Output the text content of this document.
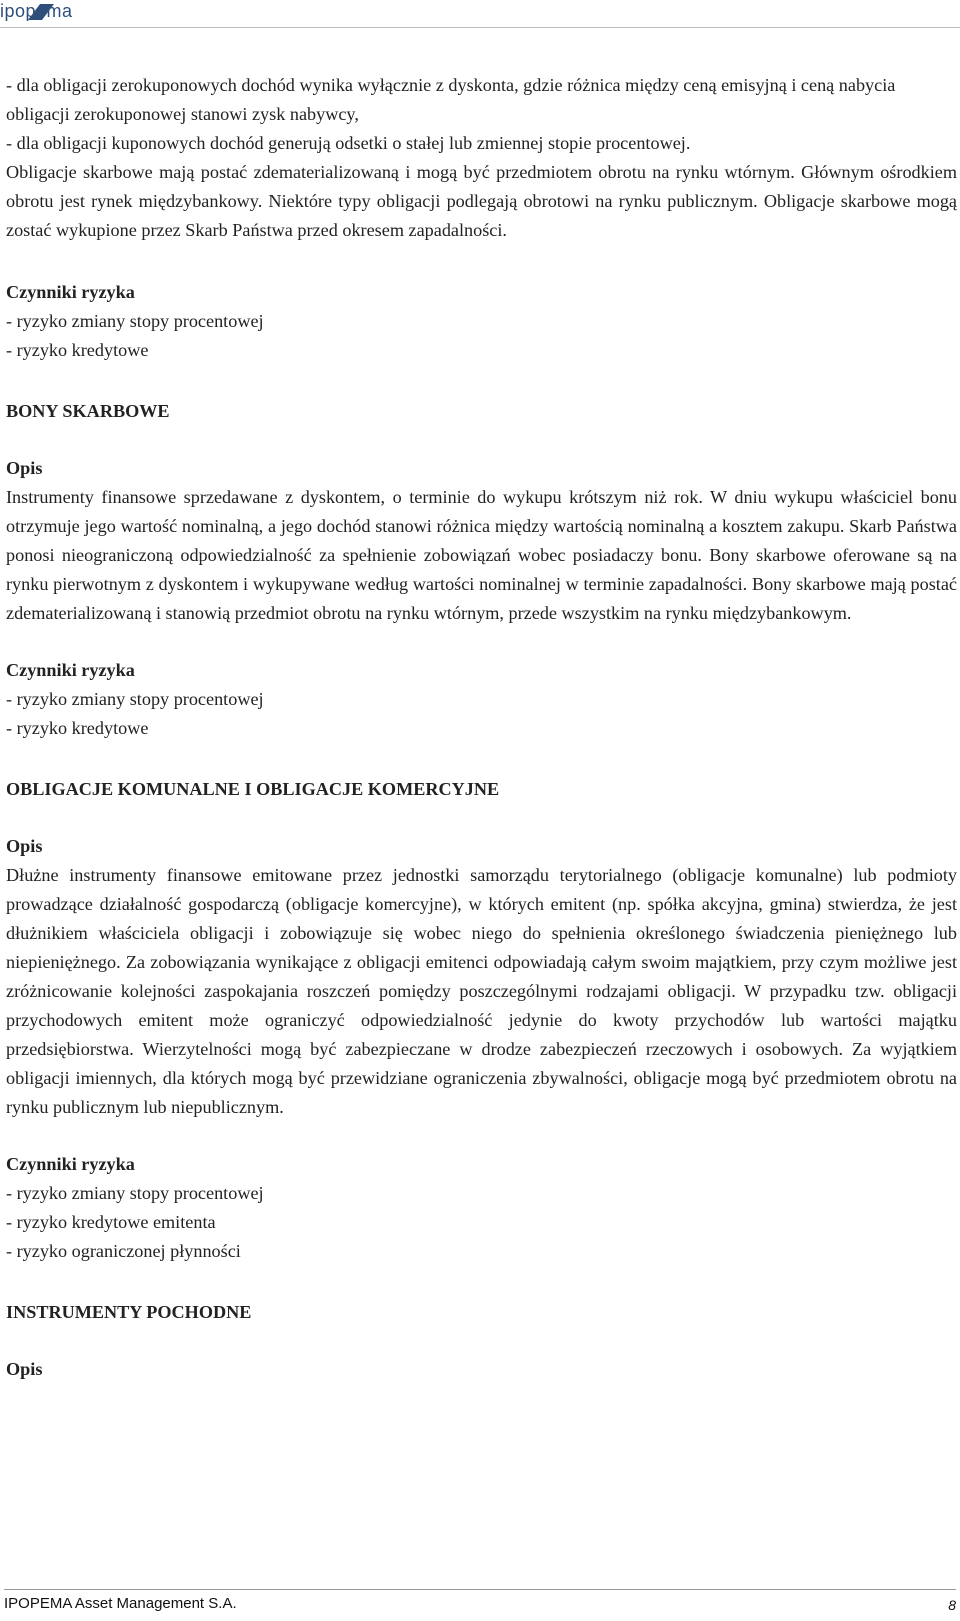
ipopema

- dla obligacji zerokuponowych dochód wynika wyłącznie z dyskonta, gdzie różnica między ceną emisyjną i ceną nabycia obligacji zerokuponowej stanowi zysk nabywcy,

- dla obligacji kuponowych dochód generują odsetki o stałej lub zmiennej stopie procentowej.

Obligacje skarbowe mają postać zdematerializowaną i mogą być przedmiotem obrotu na rynku wtórnym. Głównym ośrodkiem obrotu jest rynek międzybankowy. Niektóre typy obligacji podlegają obrotowi na rynku publicznym. Obligacje skarbowe mogą zostać wykupione przez Skarb Państwa przed okresem zapadalności.

Czynniki ryzyka

- ryzyko zmiany stopy procentowej

- ryzyko kredytowe

BONY SKARBOWE

Opis

Instrumenty finansowe sprzedawane z dyskontem, o terminie do wykupu krótszym niż rok. W dniu wykupu właściciel bonu otrzymuje jego wartość nominalną, a jego dochód stanowi różnica między wartością nominalną a kosztem zakupu. Skarb Państwa ponosi nieograniczoną odpowiedzialność za spełnienie zobowiązań wobec posiadaczy bonu. Bony skarbowe oferowane są na rynku pierwotnym z dyskontem i wykupywane według wartości nominalnej w terminie zapadalności. Bony skarbowe mają postać zdematerializowaną i stanowią przedmiot obrotu na rynku wtórnym, przede wszystkim na rynku międzybankowym.

Czynniki ryzyka

- ryzyko zmiany stopy procentowej

- ryzyko kredytowe

OBLIGACJE KOMUNALNE I OBLIGACJE KOMERCYJNE

Opis

Dłużne instrumenty finansowe emitowane przez jednostki samorządu terytorialnego (obligacje komunalne) lub podmioty prowadzące działalność gospodarczą (obligacje komercyjne), w których emitent (np. spółka akcyjna, gmina) stwierdza, że jest dłużnikiem właściciela obligacji i zobowiązuje się wobec niego do spełnienia określonego świadczenia pieniężnego lub niepieniężnego. Za zobowiązania wynikające z obligacji emitenci odpowiadają całym swoim majątkiem, przy czym możliwe jest zróżnicowanie kolejności zaspokajania roszczeń pomiędzy poszczególnymi rodzajami obligacji. W przypadku tzw. obligacji przychodowych emitent może ograniczyć odpowiedzialność jedynie do kwoty przychodów lub wartości majątku przedsiębiorstwa. Wierzytelności mogą być zabezpieczane w drodze zabezpieczeń rzeczowych i osobowych. Za wyjątkiem obligacji imiennych, dla których mogą być przewidziane ograniczenia zbywalności, obligacje mogą być przedmiotem obrotu na rynku publicznym lub niepublicznym.

Czynniki ryzyka

- ryzyko zmiany stopy procentowej

- ryzyko kredytowe emitenta

- ryzyko ograniczonej płynności

INSTRUMENTY POCHODNE

Opis

IPOPEMA Asset Management S.A.	8
